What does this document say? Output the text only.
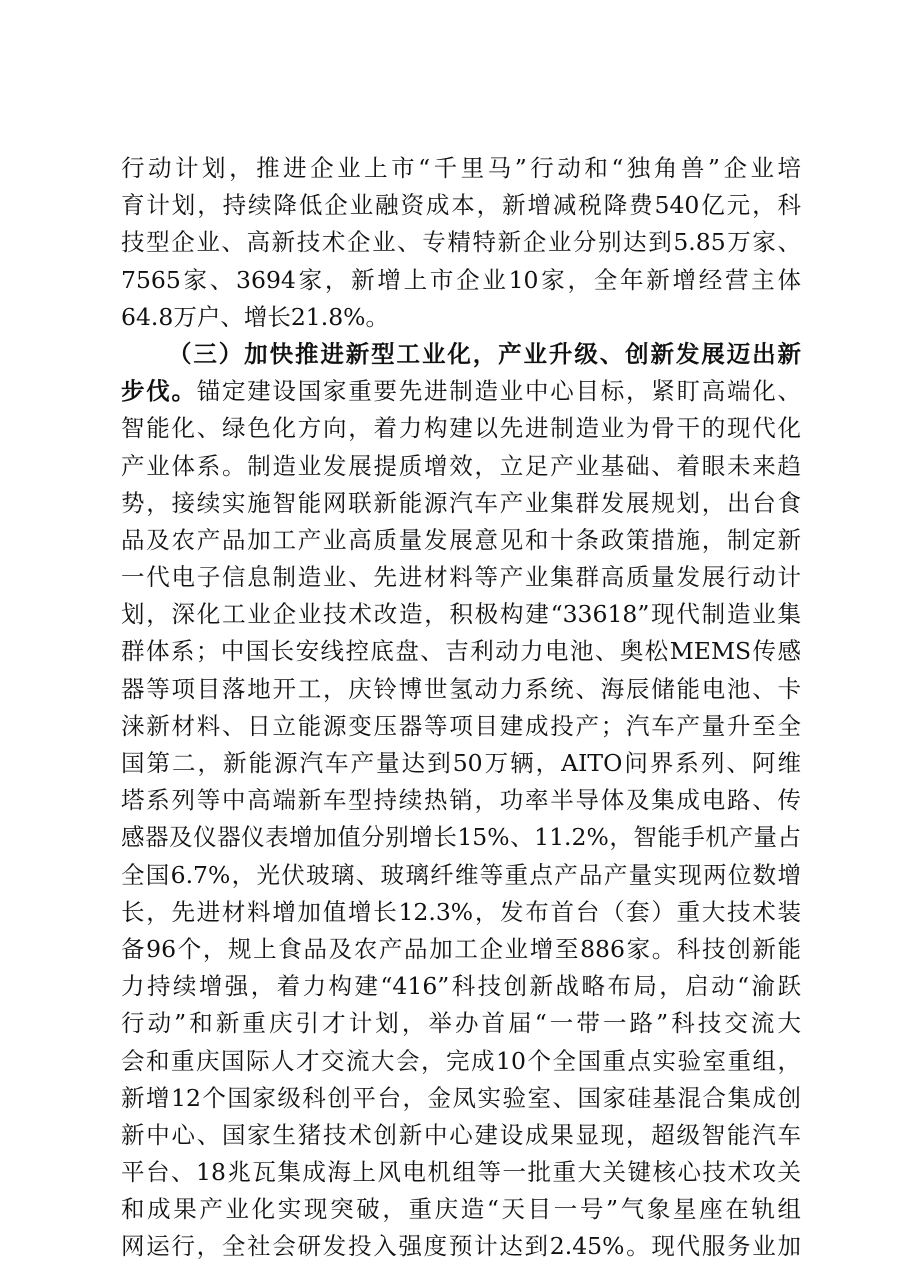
行动计划，推进企业上市“千里马”行动和“独角兽”企业培
育计划，持续降低企业融资成本，新增减税降费540亿元，科
技型企业、高新技术企业、专精特新企业分别达到5.85万家、
7565家、3694家，新增上市企业10家，全年新增经营主体
64.8万户、增长21.8%。
（三）加快推进新型工业化，产业升级、创新发展迈出新
步伐。锚定建设国家重要先进制造业中心目标，紧盯高端化、
智能化、绿色化方向，着力构建以先进制造业为骨干的现代化
产业体系。制造业发展提质增效，立足产业基础、着眼未来趋
势，接续实施智能网联新能源汽车产业集群发展规划，出台食
品及农产品加工产业高质量发展意见和十条政策措施，制定新
一代电子信息制造业、先进材料等产业集群高质量发展行动计
划，深化工业企业技术改造，积极构建“33618”现代制造业集
群体系；中国长安线控底盘、吉利动力电池、奥松MEMS传感
器等项目落地开工，庆铃博世氢动力系统、海辰储能电池、卡
涞新材料、日立能源变压器等项目建成投产；汽车产量升至全
国第二，新能源汽车产量达到50万辆，AITO问界系列、阿维
塔系列等中高端新车型持续热销，功率半导体及集成电路、传
感器及仪器仪表增加值分别增长15%、11.2%，智能手机产量占
全国6.7%，光伏玻璃、玻璃纤维等重点产品产量实现两位数增
长，先进材料增加值增长12.3%，发布首台（套）重大技术装
备96个，规上食品及农产品加工企业增至886家。科技创新能
力持续增强，着力构建“416”科技创新战略布局，启动“渝跃
行动”和新重庆引才计划，举办首届“一带一路”科技交流大
会和重庆国际人才交流大会，完成10个全国重点实验室重组，
新增12个国家级科创平台，金凤实验室、国家硅基混合集成创
新中心、国家生猪技术创新中心建设成果显现，超级智能汽车
平台、18兆瓦集成海上风电机组等一批重大关键核心技术攻关
和成果产业化实现突破，重庆造“天目一号”气象星座在轨组
网运行，全社会研发投入强度预计达到2.45%。现代服务业加
